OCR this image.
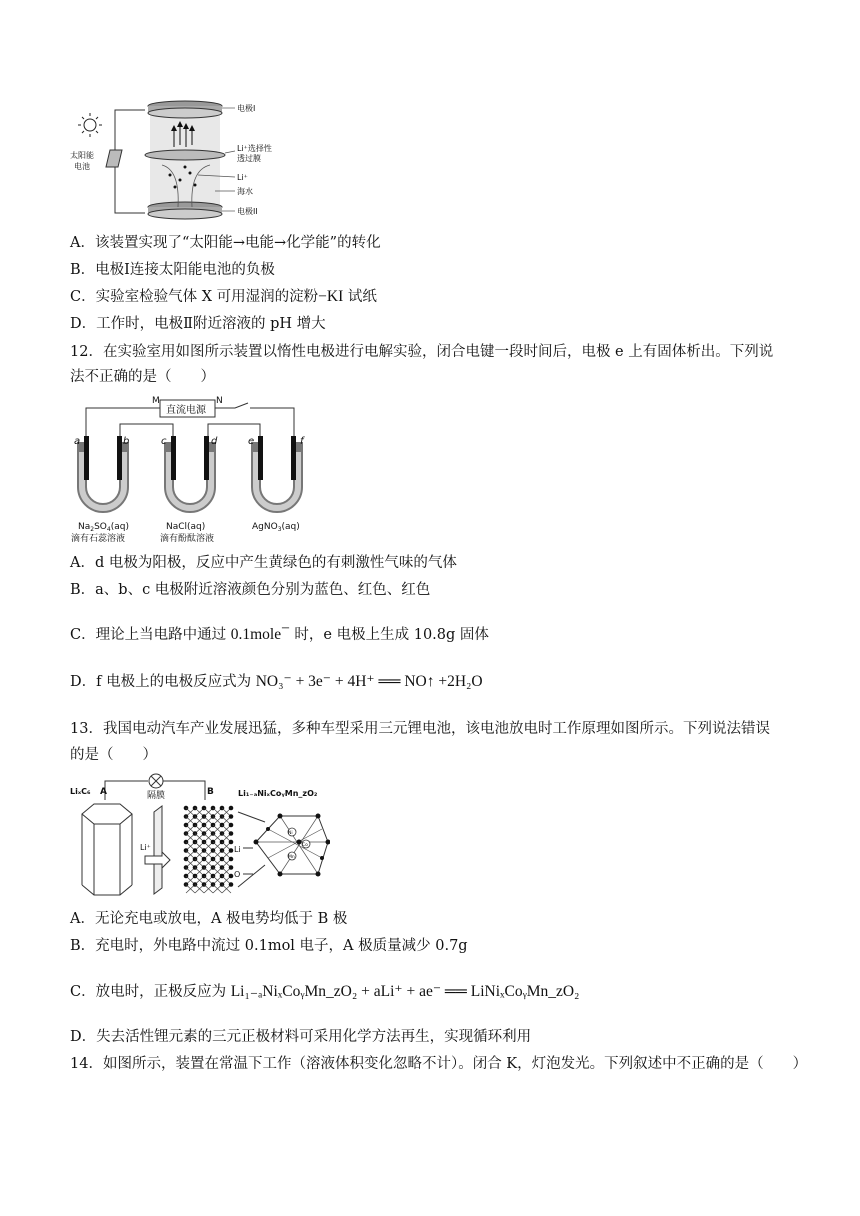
电极I
Li⁺选择性
透过膜
Li⁺
海水
电极II
太阳能
电池
A．该装置实现了“太阳能→电能→化学能”的转化
B．电极Ⅰ连接太阳能电池的负极
C．实验室检验气体 X 可用湿润的淀粉−KI 试纸
D．工作时，电极Ⅱ附近溶液的 pH 增大
12．在实验室用如图所示装置以惰性电极进行电解实验，闭合电键一段时间后，电极 e 上有固体析出。下列说
法不正确的是（　　）
直流电源
M	N
a	b	c	d	e	f
$Na_2SO_4(aq)$
滴有石蕊溶液
NaCl(aq)
滴有酚酞溶液
AgNO$_3$(aq)
A．d 电极为阳极，反应中产生黄绿色的有刺激性气味的气体
B．a、b、c 电极附近溶液颜色分别为蓝色、红色、红色
C．理论上当电路中通过 0.1mole− 时，e 电极上生成 10.8g 固体
D．f 电极上的电极反应式为 NO₃⁻ + 3e⁻ + 4H⁺ ══ NO↑ +2H₂O
13．我国电动汽车产业发展迅猛，多种车型采用三元锂电池，该电池放电时工作原理如图所示。下列说法错误
的是（　　）
LiₓC₆ A	隔膜	B	Li₁₋ₐNiₓCoᵧMn_zO₂
Li⁺	Li
O
Ni
Co
Mn
A．无论充电或放电，A 极电势均低于 B 极
B．充电时，外电路中流过 0.1mol 电子，A 极质量减少 0.7g
C．放电时，正极反应为 Li₁₋ₐNiₓCoᵧMn_zO₂ + aLi⁺ + ae⁻ ══ LiNiₓCoᵧMn_zO₂
D．失去活性锂元素的三元正极材料可采用化学方法再生，实现循环利用
14．如图所示，装置在常温下工作（溶液体积变化忽略不计）。闭合 K，灯泡发光。下列叙述中不正确的是（　　）
